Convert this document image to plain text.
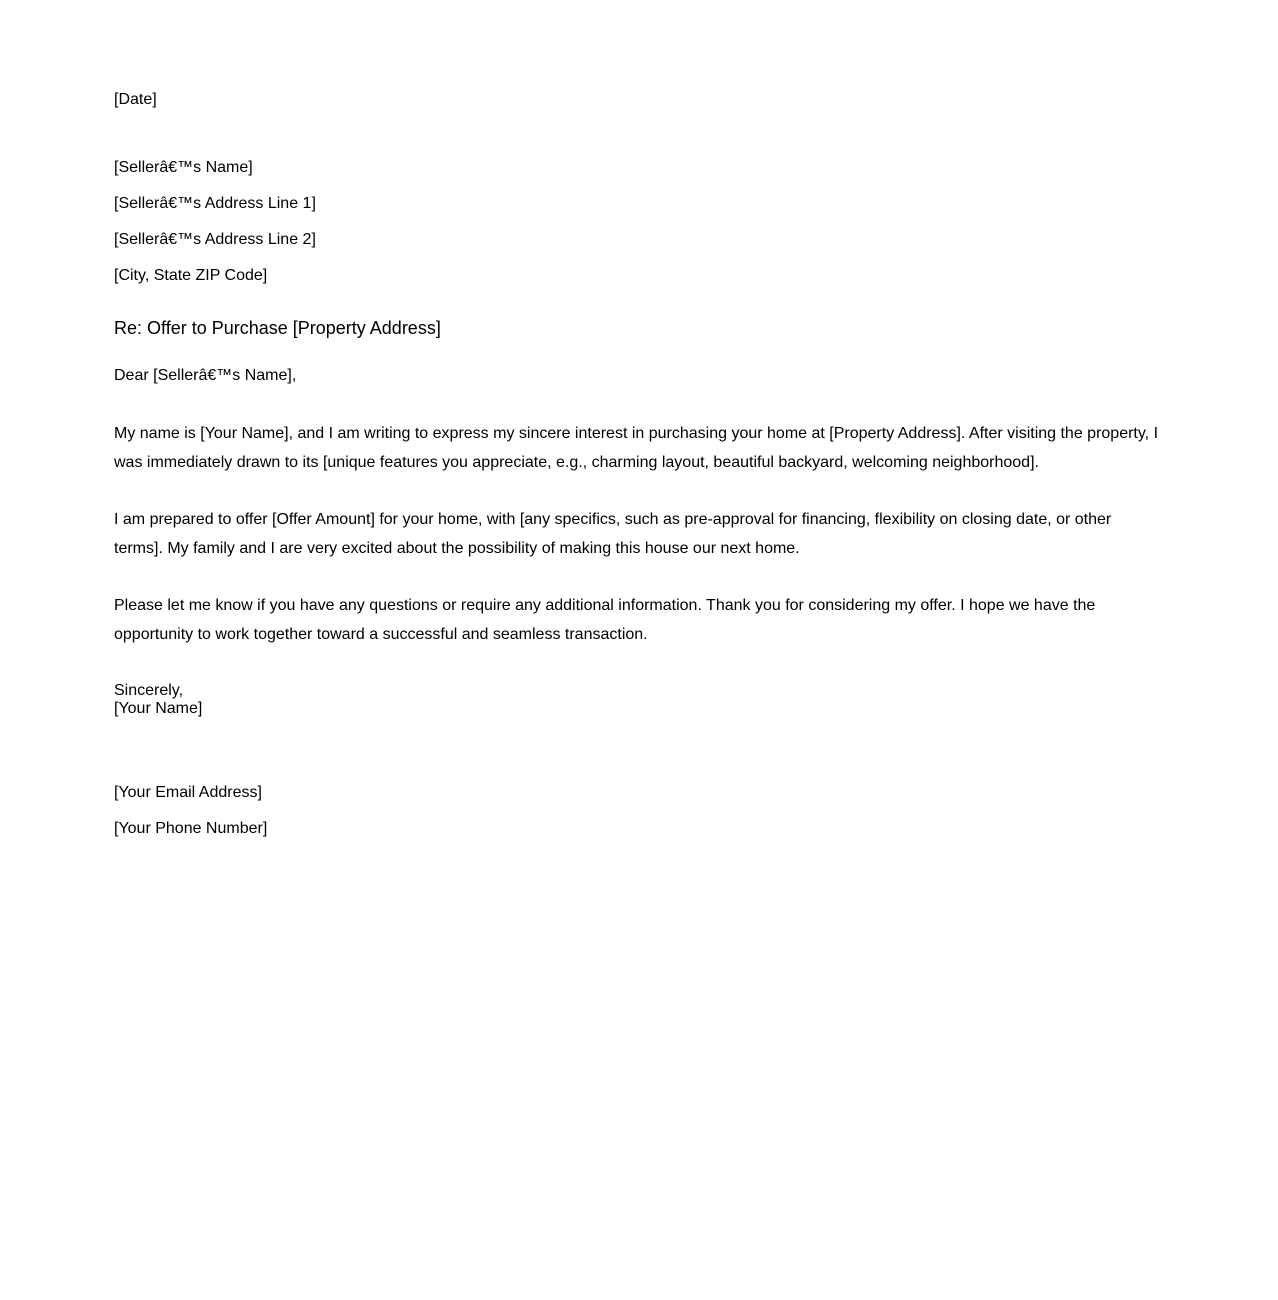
[Date]
[Sellerâ€™s Name]
[Sellerâ€™s Address Line 1]
[Sellerâ€™s Address Line 2]
[City, State ZIP Code]
Re: Offer to Purchase [Property Address]
Dear [Sellerâ€™s Name],
My name is [Your Name], and I am writing to express my sincere interest in purchasing your home at [Property Address]. After visiting the property, I was immediately drawn to its [unique features you appreciate, e.g., charming layout, beautiful backyard, welcoming neighborhood].
I am prepared to offer [Offer Amount] for your home, with [any specifics, such as pre-approval for financing, flexibility on closing date, or other terms]. My family and I are very excited about the possibility of making this house our next home.
Please let me know if you have any questions or require any additional information. Thank you for considering my offer. I hope we have the opportunity to work together toward a successful and seamless transaction.
Sincerely,
[Your Name]
[Your Email Address]
[Your Phone Number]
